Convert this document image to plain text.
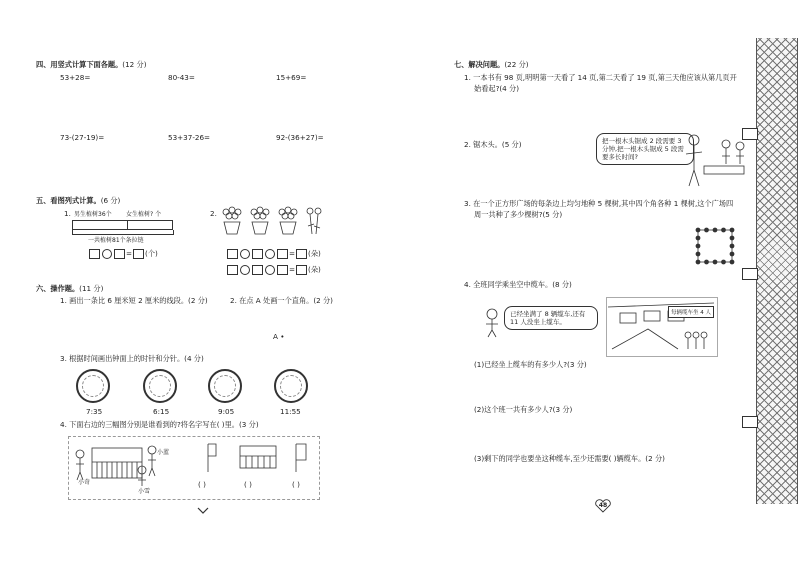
四、用竖式计算下面各题。(12 分)
53+28=	80-43=	15+69=
73-(27-19)=	53+37-26=	92-(36+27)=
五、看图列式计算。(6 分)
1. 男生植树36个 女生植树? 个
一共植树81个条拉链
= (个)
2.
= (朵)
= (朵)
六、操作题。(11 分)
1. 画出一条比 6 厘米短 2 厘米的线段。(2 分)	2. 在点 A 处画一个直角。(2 分)
A •
3. 根据时间画出钟面上的时针和分针。(4 分)
7:35	6:15	9:05	11:55
4. 下面右边的三幅图分别是谁看到的?将名字写在( )里。(3 分)
小奇
小蓝
小雪
( )	( )	( )
七、解决问题。(22 分)
1. 一本书有 98 页,明明第一天看了 14 页,第二天看了 19 页,第三天他应该从第几页开
始看起?(4 分)
2. 锯木头。(5 分)	把一根木头锯成 2 段需要 3 分钟,把一根木头锯成 5 段需要多长时间?
3. 在一个正方形广场的每条边上均匀地种 5 棵树,其中四个角各种 1 棵树,这个广场四
周一共种了多少棵树?(5 分)
4. 全班同学乘坐空中缆车。(8 分)
已经坐满了 8 辆缆车,还有 11 人没坐上缆车。
每辆缆车坐 4 人
(1)已经坐上缆车的有多少人?(3 分)
(2)这个班一共有多少人?(3 分)
(3)剩下的同学也要坐这种缆车,至少还需要( )辆缆车。(2 分)
48
